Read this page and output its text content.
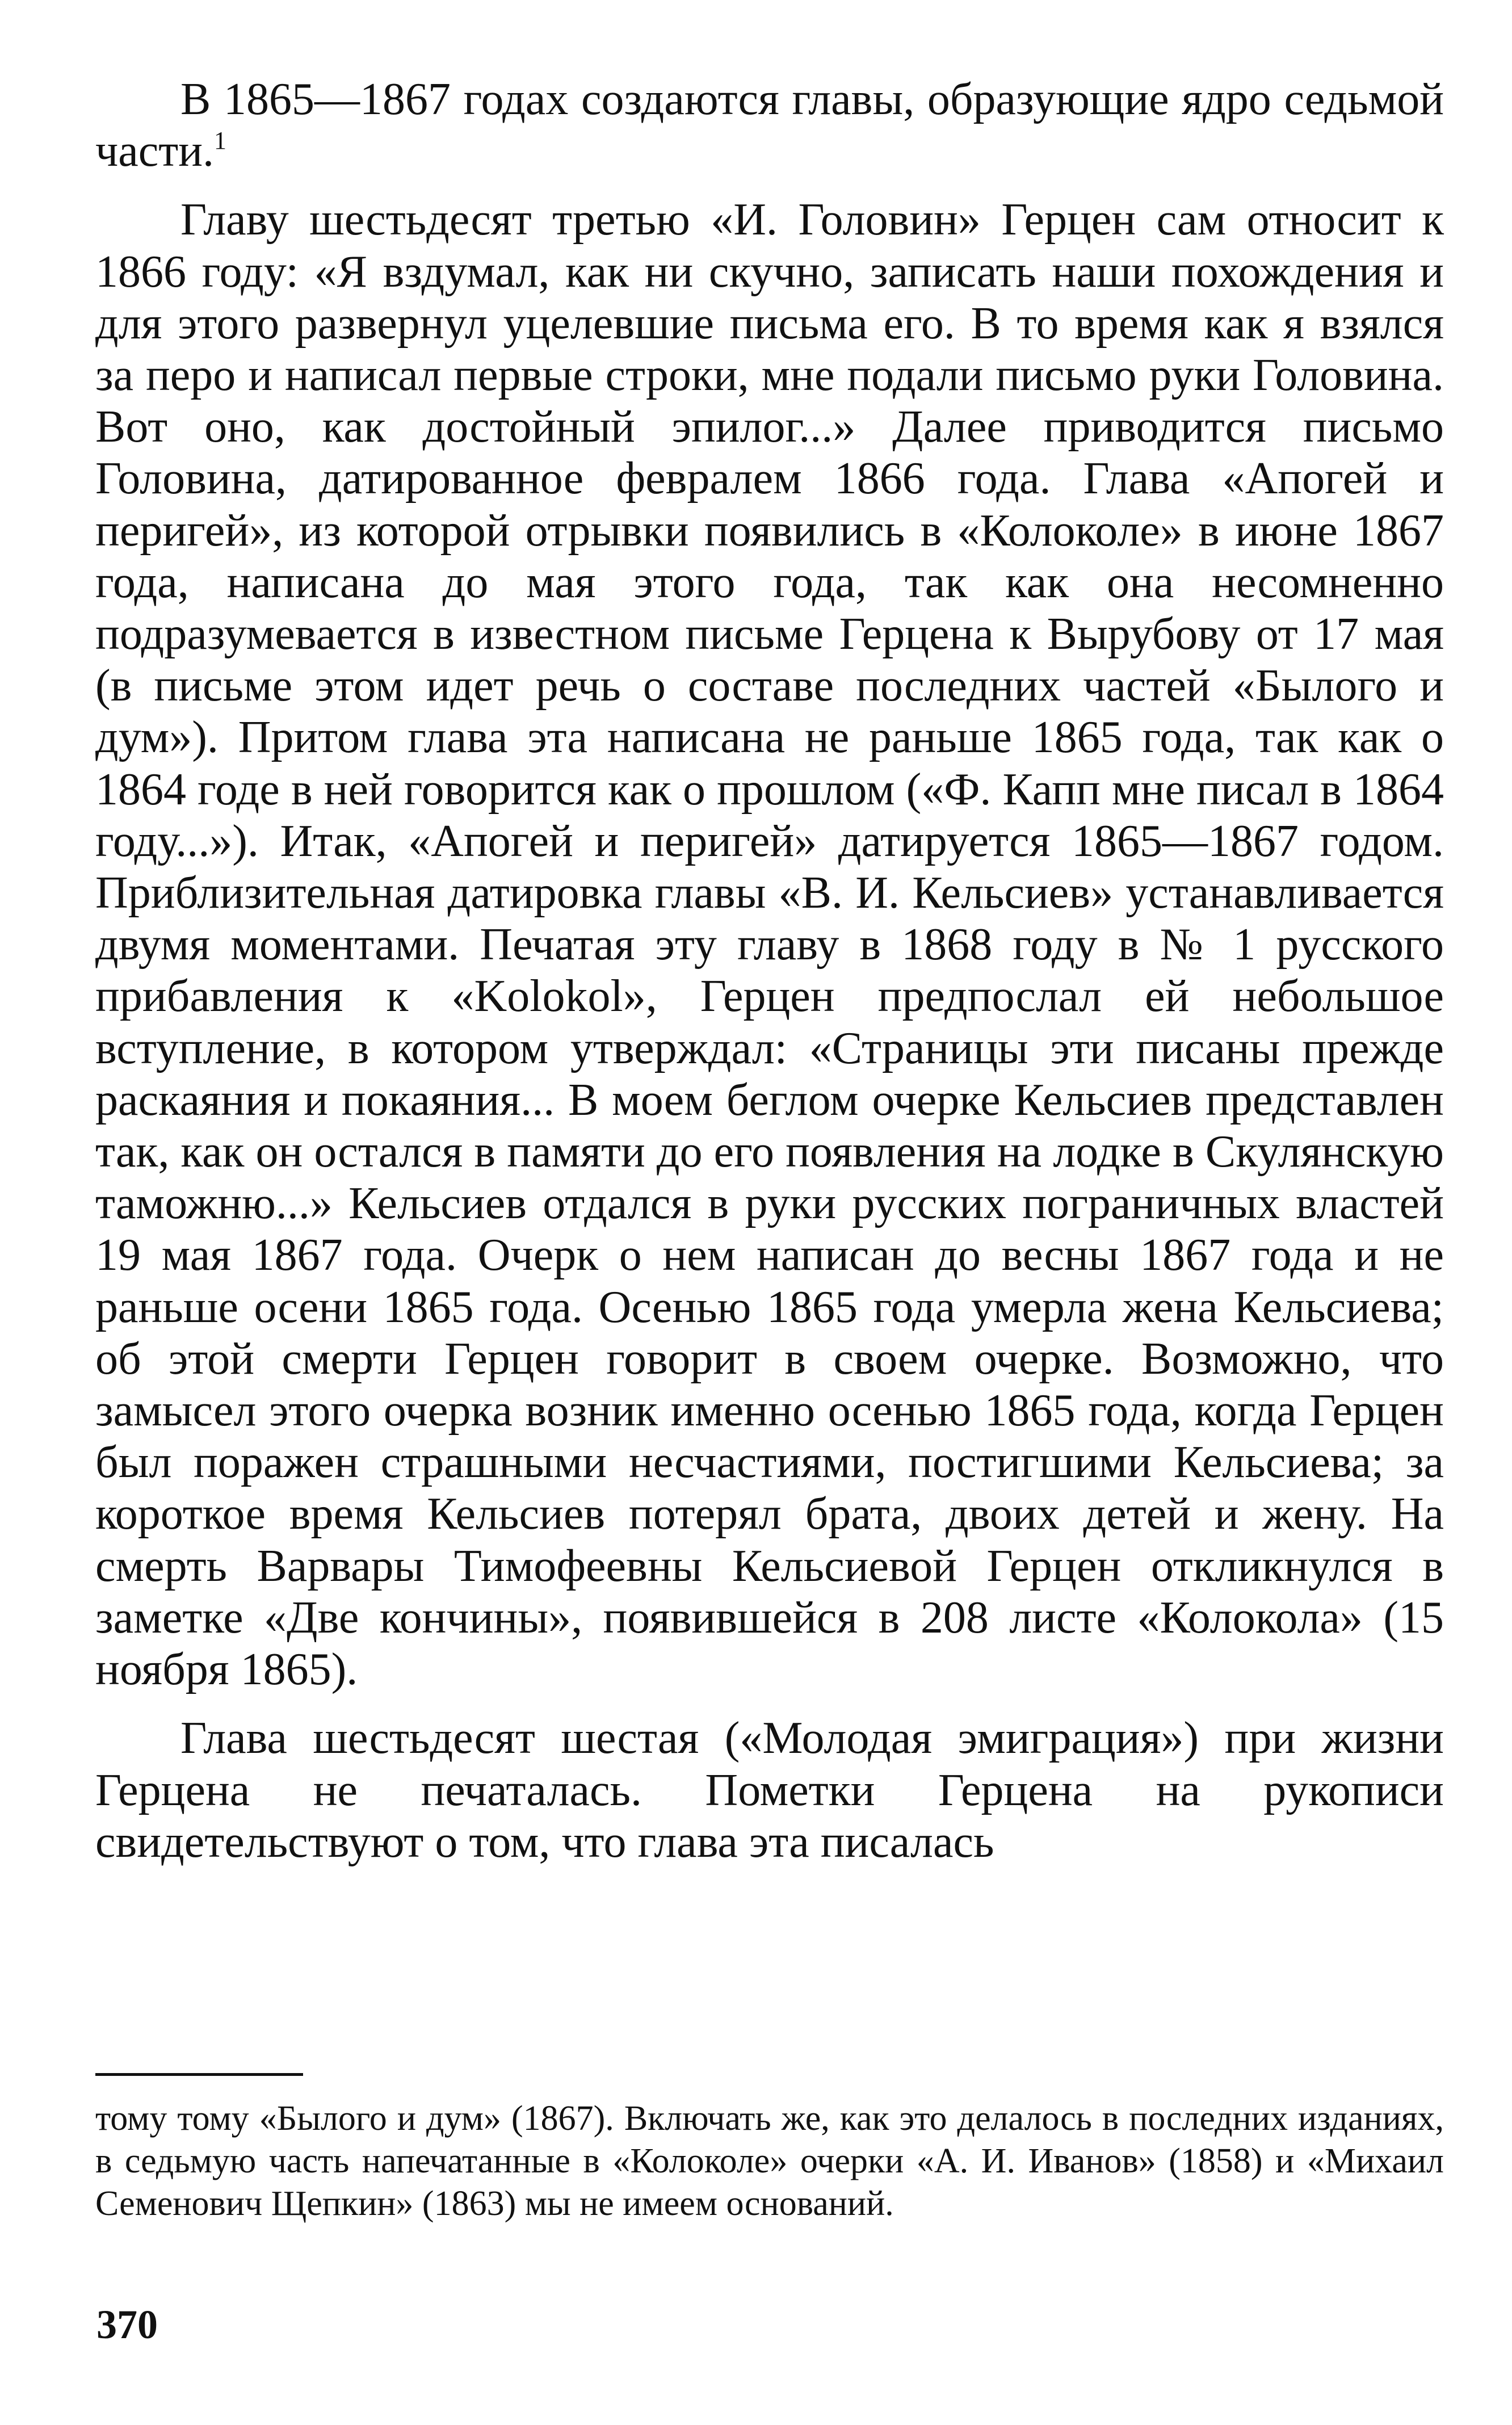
В 1865—1867 годах создаются главы, образующие ядро седьмой части.$^1$

Главу шестьдесят третью «И. Головин» Герцен сам относит к 1866 году: «Я вздумал, как ни скучно, записать наши похождения и для этого развернул уцелевшие письма его. В то время как я взялся за перо и написал первые строки, мне подали письмо руки Головина. Вот оно, как достойный эпилог...» Далее приводится письмо Головина, датированное февралем 1866 года. Глава «Апогей и перигей», из которой отрывки появились в «Колоколе» в июне 1867 года, написана до мая этого года, так как она несомненно подразумевается в известном письме Герцена к Вырубову от 17 мая (в письме этом идет речь о составе последних частей «Былого и дум»). Притом глава эта написана не раньше 1865 года, так как о 1864 годе в ней говорится как о прошлом («Ф. Капп мне писал в 1864 году...»). Итак, «Апогей и перигей» датируется 1865—1867 годом. Приблизительная датировка главы «В. И. Кельсиев» устанавливается двумя моментами. Печатая эту главу в 1868 году в № 1 русского прибавления к «Kolokol», Герцен предпослал ей небольшое вступление, в котором утверждал: «Страницы эти писаны прежде раскаяния и покаяния... В моем беглом очерке Кельсиев представлен так, как он остался в памяти до его появления на лодке в Скулянскую таможню...» Кельсиев отдался в руки русских пограничных властей 19 мая 1867 года. Очерк о нем написан до весны 1867 года и не раньше осени 1865 года. Осенью 1865 года умерла жена Кельсиева; об этой смерти Герцен говорит в своем очерке. Возможно, что замысел этого очерка возник именно осенью 1865 года, когда Герцен был поражен страшными несчастиями, постигшими Кельсиева; за короткое время Кельсиев потерял брата, двоих детей и жену. На смерть Варвары Тимофеевны Кельсиевой Герцен откликнулся в заметке «Две кончины», появившейся в 208 листе «Колокола» (15 ноября 1865).

Глава шестьдесят шестая («Молодая эмиграция») при жизни Герцена не печаталась. Пометки Герцена на рукописи свидетельствуют о том, что глава эта писалась

тому тому «Былого и дум» (1867). Включать же, как это делалось в последних изданиях, в седьмую часть напечатанные в «Колоколе» очерки «А. И. Иванов» (1858) и «Михаил Семенович Щепкин» (1863) мы не имеем оснований.

370
